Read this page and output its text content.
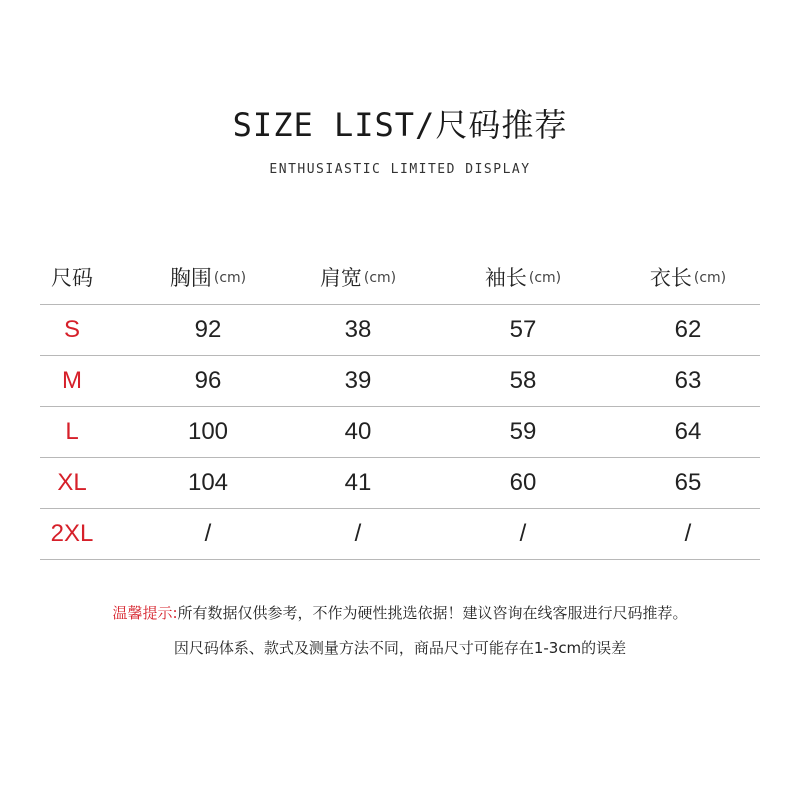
SIZE LIST/尺码推荐
ENTHUSIASTIC LIMITED DISPLAY
尺码	胸围 (cm)	肩宽 (cm)	袖长 (cm)	衣长 (cm)
S	92	38	57	62
M	96	39	58	63
L	100	40	59	64
XL	104	41	60	65
2XL	/	/	/	/
温馨提示:所有数据仅供参考，不作为硬性挑选依据！建议咨询在线客服进行尺码推荐。
因尺码体系、款式及测量方法不同，商品尺寸可能存在1-3cm的误差
